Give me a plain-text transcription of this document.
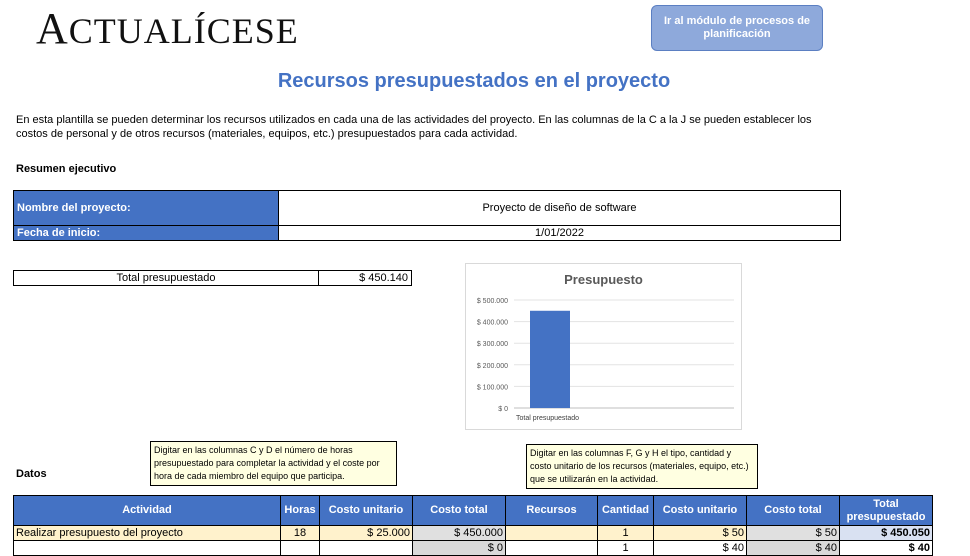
ACTUALÍCESE	Ir al módulo de procesos de planificación
Recursos presupuestados en el proyecto
En esta plantilla se pueden determinar los recursos utilizados en cada una de las actividades del proyecto. En las columnas de la C a la J se pueden establecer los costos de personal y de otros recursos (materiales, equipos, etc.) presupuestados para cada actividad.
Resumen ejecutivo
Nombre del proyecto:	Proyecto de diseño de software
Fecha de inicio:	1/01/2022
Total presupuestado	$ 450.140	Presupuesto
$ 0
$ 100.000
$ 200.000
$ 300.000
$ 400.000
$ 500.000
Total presupuestado
Datos
Digitar en las columnas C y D el número de horas presupuestado para completar la actividad y el coste por hora de cada miembro del equipo que participa.
Digitar en las columnas F, G y H el tipo, cantidad y costo unitario de los recursos (materiales, equipo, etc.) que se utilizarán en la actividad.
Actividad	Horas	Costo unitario	Costo total	Recursos	Cantidad	Costo unitario	Costo total	Total presupuestado
Realizar presupuesto del proyecto	18	$ 25.000	$ 450.000		1	$ 50	$ 50	$ 450.050
			$ 0		1	$ 40	$ 40	$ 40
